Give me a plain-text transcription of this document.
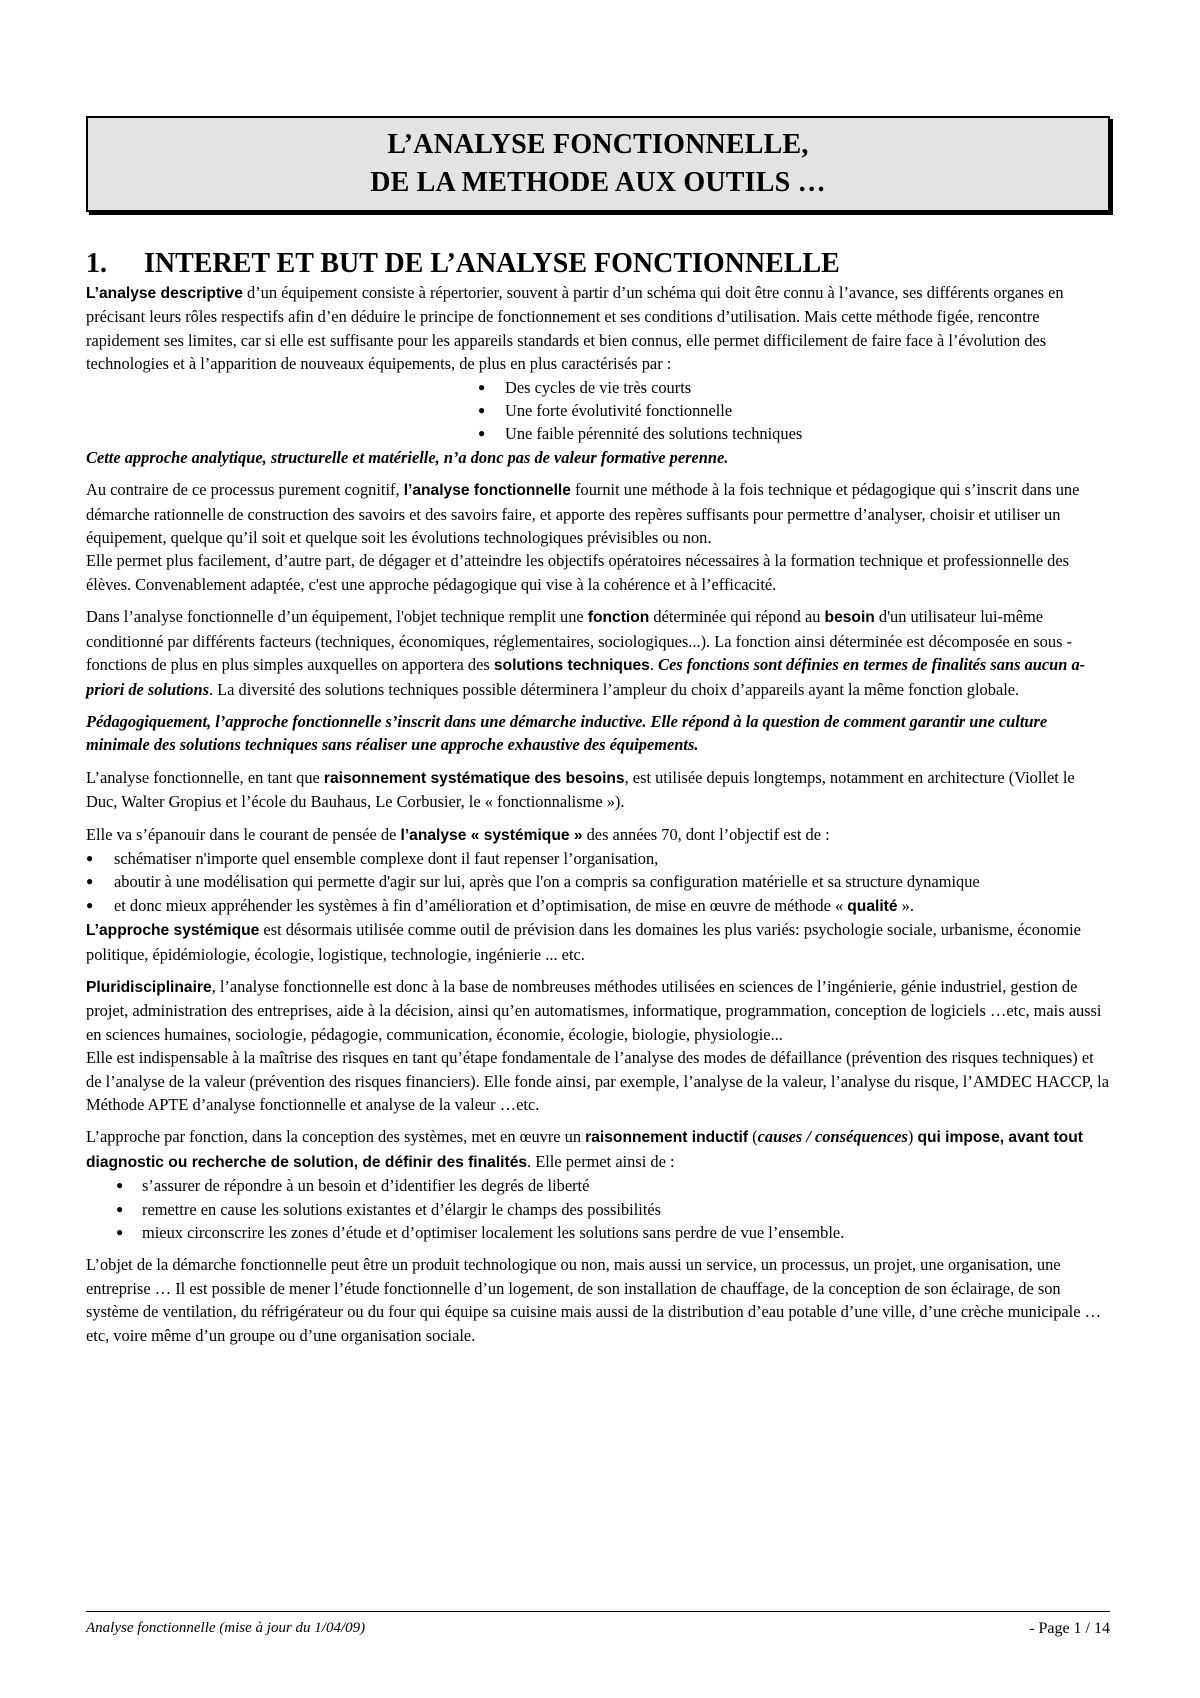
L’ANALYSE FONCTIONNELLE,
DE LA METHODE AUX OUTILS …
1.	INTERET ET BUT DE L’ANALYSE FONCTIONNELLE

L’analyse descriptive d’un équipement consiste à répertorier, souvent à partir d’un schéma qui doit être connu à l’avance, ses différents organes en précisant leurs rôles respectifs afin d’en déduire le principe de fonctionnement et ses conditions d’utilisation. Mais cette méthode figée, rencontre rapidement ses limites, car si elle est suffisante pour les appareils standards et bien connus, elle permet difficilement de faire face à l’évolution des technologies et à l’apparition de nouveaux équipements, de plus en plus caractérisés par :

● Des cycles de vie très courts
● Une forte évolutivité fonctionnelle
● Une faible pérennité des solutions techniques

Cette approche analytique, structurelle et matérielle, n’a donc pas de valeur formative perenne.

Au contraire de ce processus purement cognitif, l’analyse fonctionnelle fournit une méthode à la fois technique et pédagogique qui s’inscrit dans une démarche rationnelle de construction des savoirs et des savoirs faire, et apporte des repères suffisants pour permettre d’analyser, choisir et utiliser un équipement, quelque qu’il soit et quelque soit les évolutions technologiques prévisibles ou non.

Elle permet plus facilement, d’autre part, de dégager et d’atteindre les objectifs opératoires nécessaires à la formation technique et professionnelle des élèves. Convenablement adaptée, c'est une approche pédagogique qui vise à la cohérence et à l’efficacité.

Dans l’analyse fonctionnelle d’un équipement, l'objet technique remplit une fonction déterminée qui répond au besoin d'un utilisateur lui-même conditionné par différents facteurs (techniques, économiques, réglementaires, sociologiques...). La fonction ainsi déterminée est décomposée en sous - fonctions de plus en plus simples auxquelles on apportera des solutions techniques. Ces fonctions sont définies en termes de finalités sans aucun a-priori de solutions. La diversité des solutions techniques possible déterminera l’ampleur du choix d’appareils ayant la même fonction globale.

Pédagogiquement, l’approche fonctionnelle s’inscrit dans une démarche inductive. Elle répond à la question de comment garantir une culture minimale des solutions techniques sans réaliser une approche exhaustive des équipements.

L’analyse fonctionnelle, en tant que raisonnement systématique des besoins, est utilisée depuis longtemps, notamment en architecture (Viollet le Duc, Walter Gropius et l’école du Bauhaus, Le Corbusier, le « fonctionnalisme »).

Elle va s’épanouir dans le courant de pensée de l’analyse « systémique » des années 70, dont l’objectif est de :

● schématiser n'importe quel ensemble complexe dont il faut repenser l’organisation,
● aboutir à une modélisation qui permette d'agir sur lui, après que l'on a compris sa configuration matérielle et sa structure dynamique
● et donc mieux appréhender les systèmes à fin d’amélioration et d’optimisation, de mise en œuvre de méthode « qualité ».

L’approche systémique est désormais utilisée comme outil de prévision dans les domaines les plus variés: psychologie sociale, urbanisme, économie politique, épidémiologie, écologie, logistique, technologie, ingénierie ... etc.

Pluridisciplinaire, l’analyse fonctionnelle est donc à la base de nombreuses méthodes utilisées en sciences de l’ingénierie, génie industriel, gestion de projet, administration des entreprises, aide à la décision, ainsi qu’en automatismes, informatique, programmation, conception de logiciels …etc, mais aussi en sciences humaines, sociologie, pédagogie, communication, économie, écologie, biologie, physiologie...

Elle est indispensable à la maîtrise des risques en tant qu’étape fondamentale de l’analyse des modes de défaillance (prévention des risques techniques) et de l’analyse de la valeur (prévention des risques financiers). Elle fonde ainsi, par exemple, l’analyse de la valeur, l’analyse du risque, l’AMDEC HACCP, la Méthode APTE d’analyse fonctionnelle et analyse de la valeur …etc.

L’approche par fonction, dans la conception des systèmes, met en œuvre un raisonnement inductif (causes / conséquences) qui impose, avant tout diagnostic ou recherche de solution, de définir des finalités. Elle permet ainsi de :

● s’assurer de répondre à un besoin et d’identifier les degrés de liberté
● remettre en cause les solutions existantes et d’élargir le champs des possibilités
● mieux circonscrire les zones d’étude et d’optimiser localement les solutions sans perdre de vue l’ensemble.

L’objet de la démarche fonctionnelle peut être un produit technologique ou non, mais aussi un service, un processus, un projet, une organisation, une entreprise … Il est possible de mener l’étude fonctionnelle d’un logement, de son installation de chauffage, de la conception de son éclairage, de son système de ventilation, du réfrigérateur ou du four qui équipe sa cuisine mais aussi de la distribution d’eau potable d’une ville, d’une crèche municipale … etc, voire même d’un groupe ou d’une organisation sociale.

Analyse fonctionnelle (mise à jour du 1/04/09)	- Page 1 / 14
